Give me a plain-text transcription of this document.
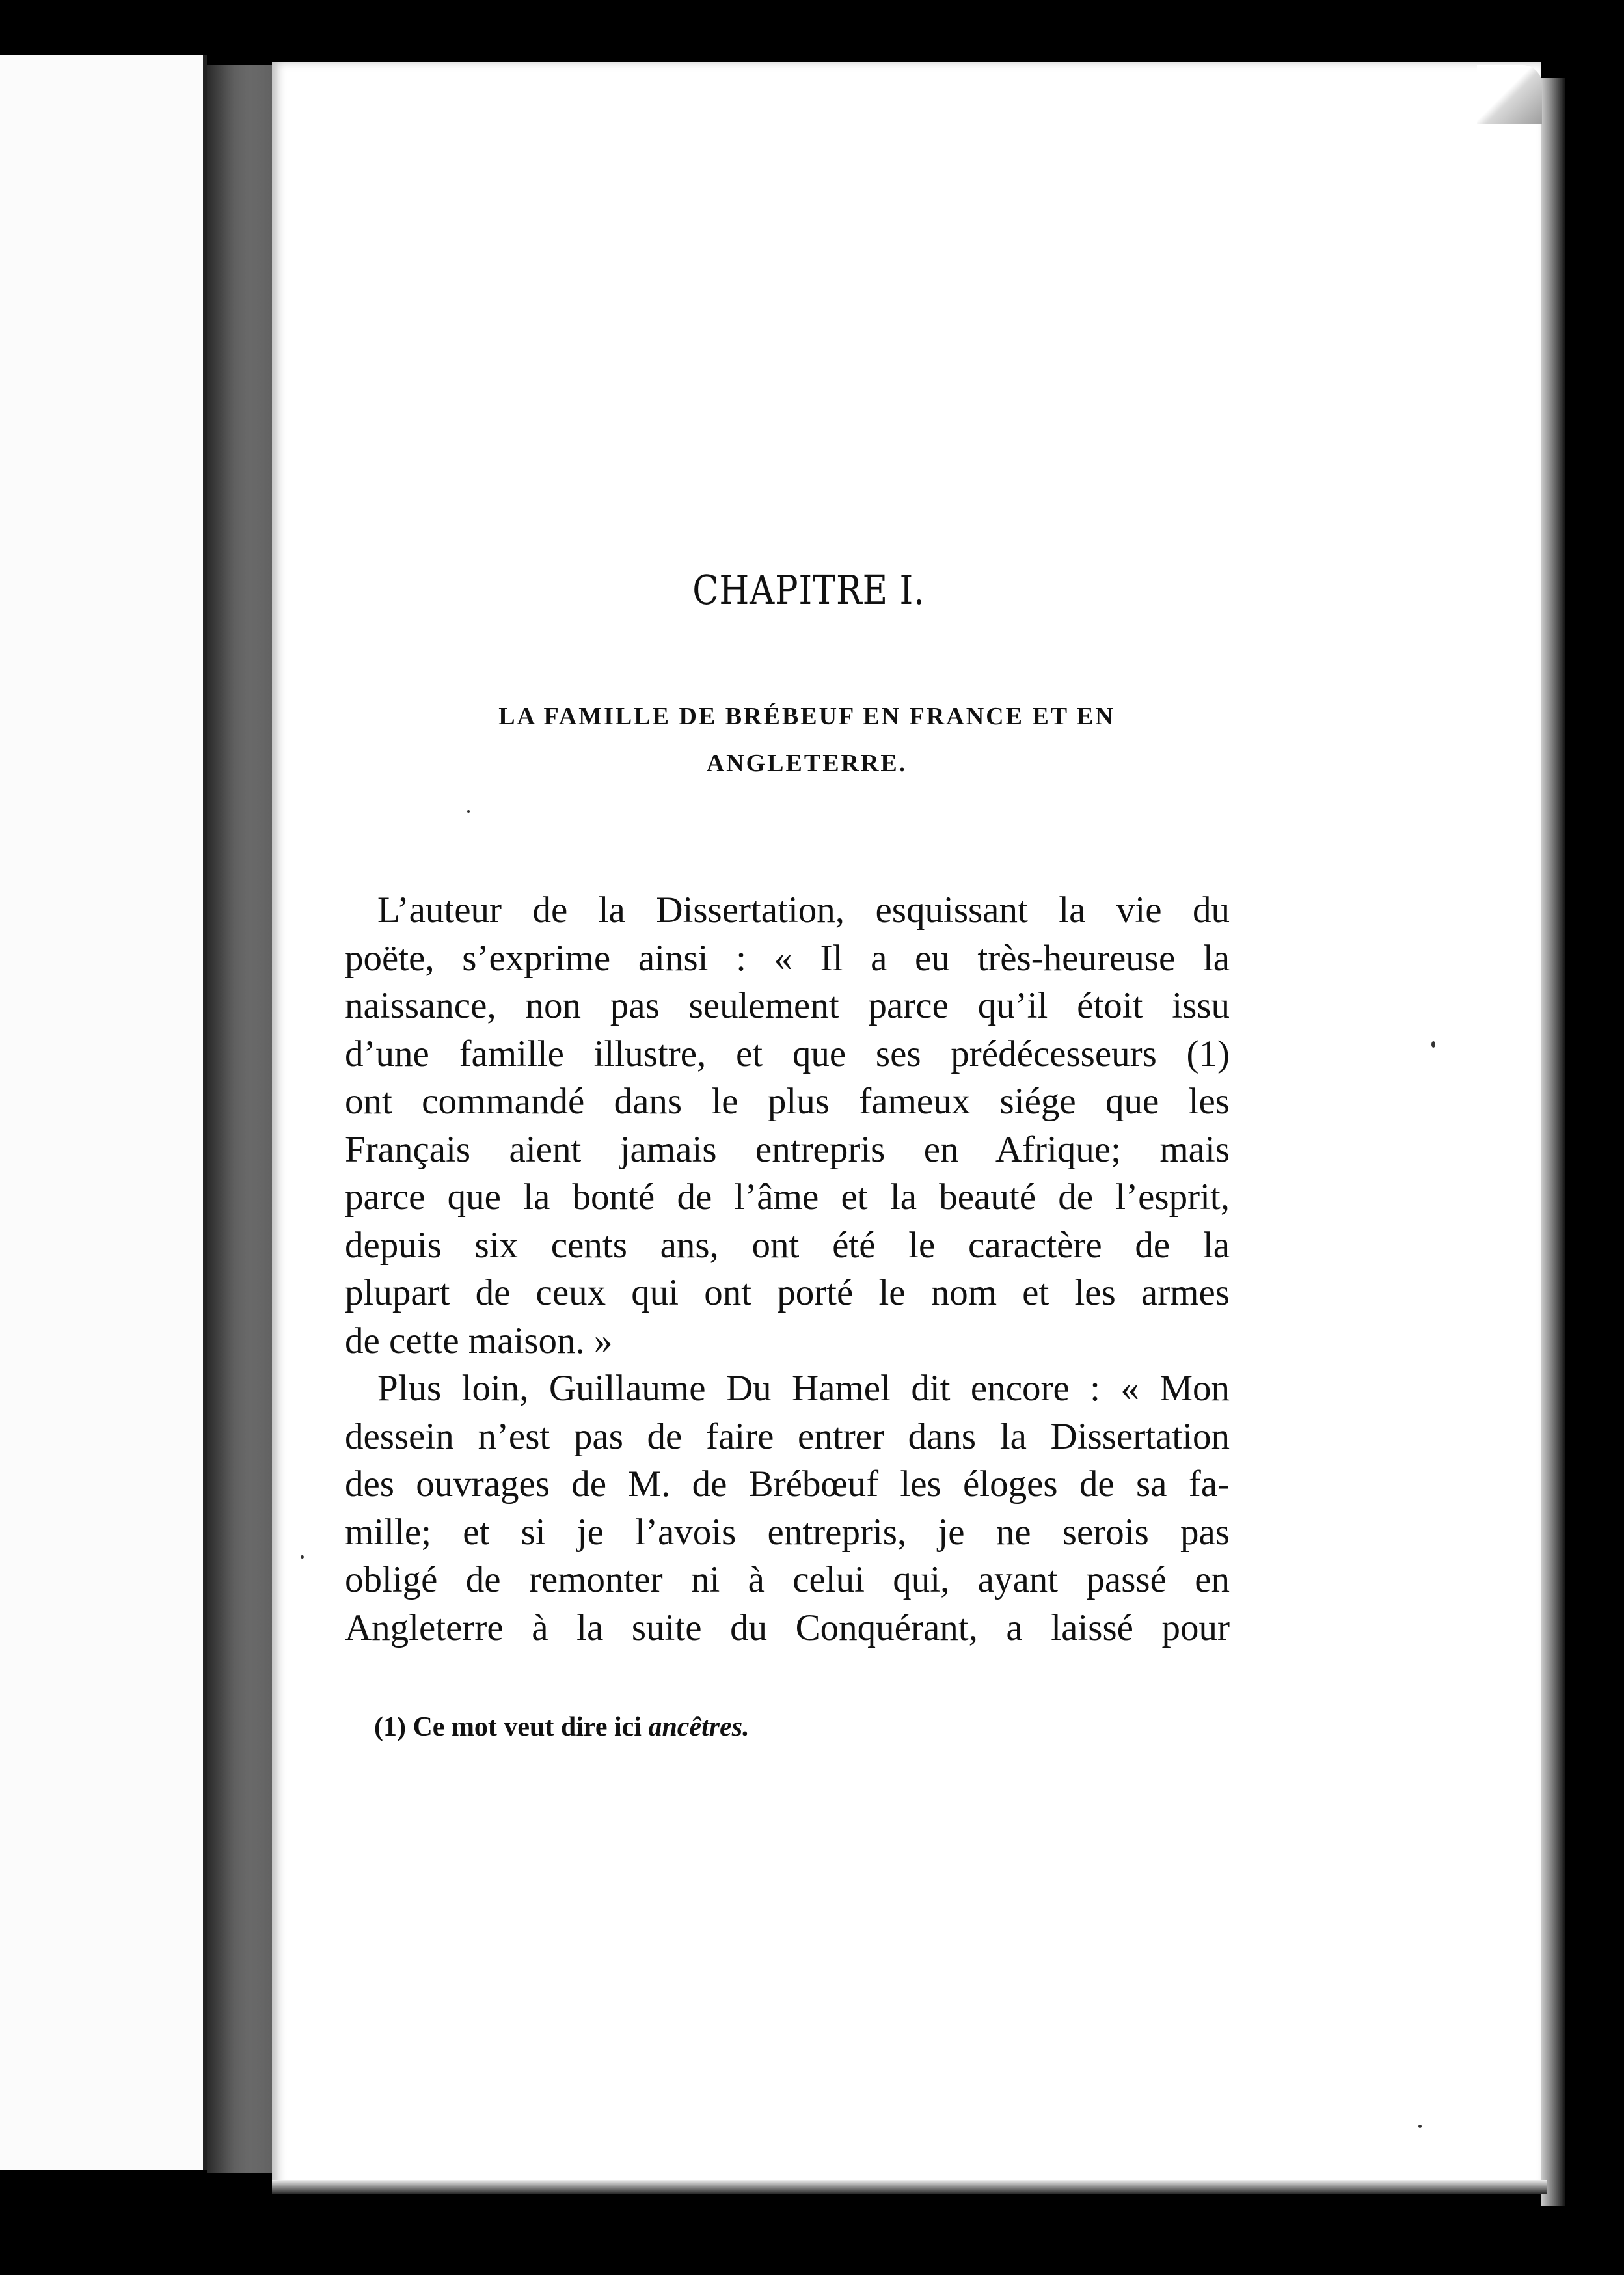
CHAPITRE I.
LA FAMILLE DE BRÉBEUF EN FRANCE ET EN
ANGLETERRE.
L’auteur de la Dissertation, esquissant la vie du
poëte, s’exprime ainsi : « Il a eu très-heureuse la
naissance, non pas seulement parce qu’il étoit issu
d’une famille illustre, et que ses prédécesseurs (1)
ont commandé dans le plus fameux siége que les
Français aient jamais entrepris en Afrique; mais
parce que la bonté de l’âme et la beauté de l’esprit,
depuis six cents ans, ont été le caractère de la
plupart de ceux qui ont porté le nom et les armes
de cette maison. »
Plus loin, Guillaume Du Hamel dit encore : « Mon
dessein n’est pas de faire entrer dans la Dissertation
des ouvrages de M. de Brébœuf les éloges de sa fa-
mille; et si je l’avois entrepris, je ne serois pas
obligé de remonter ni à celui qui, ayant passé en
Angleterre à la suite du Conquérant, a laissé pour
(1) Ce mot veut dire ici ancêtres.
